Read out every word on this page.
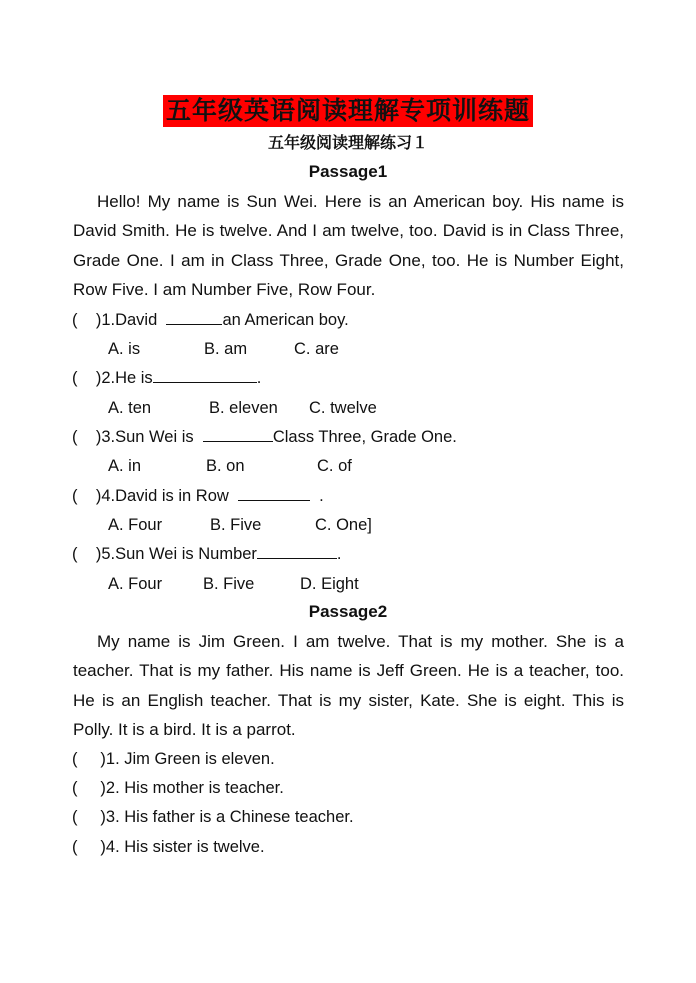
五年级英语阅读理解专项训练题
五年级阅读理解练习１
Passage1
Hello! My name is Sun Wei. Here is an American boy. His name is David Smith. He is twelve. And I am twelve, too. David is in Class Three, Grade One. I am in Class Three, Grade One, too. He is Number Eight, Row Five. I am Number Five, Row Four.
(    )1.David	an American boy.
A. is	B. am	C. are
(    )2.He is	.
A. ten	B. eleven C. twelve
(    )3.Sun Wei is	Class Three, Grade One.
A. in	B. on	C. of
(    )4.David is in Row	.
A. Four	B. Five	C. One]
(    )5.Sun Wei is Number	.
A. Four B. Five	D. Eight
Passage2
My name is Jim Green. I am twelve. That is my mother. She is a teacher. That is my father. His name is Jeff Green. He is a teacher, too. He is an English teacher. That is my sister, Kate. She is eight. This is Polly. It is a bird. It is a parrot.
(     )1. Jim Green is eleven.
(     )2. His mother is teacher.
(     )3. His father is a Chinese teacher.
(     )4. His sister is twelve.
